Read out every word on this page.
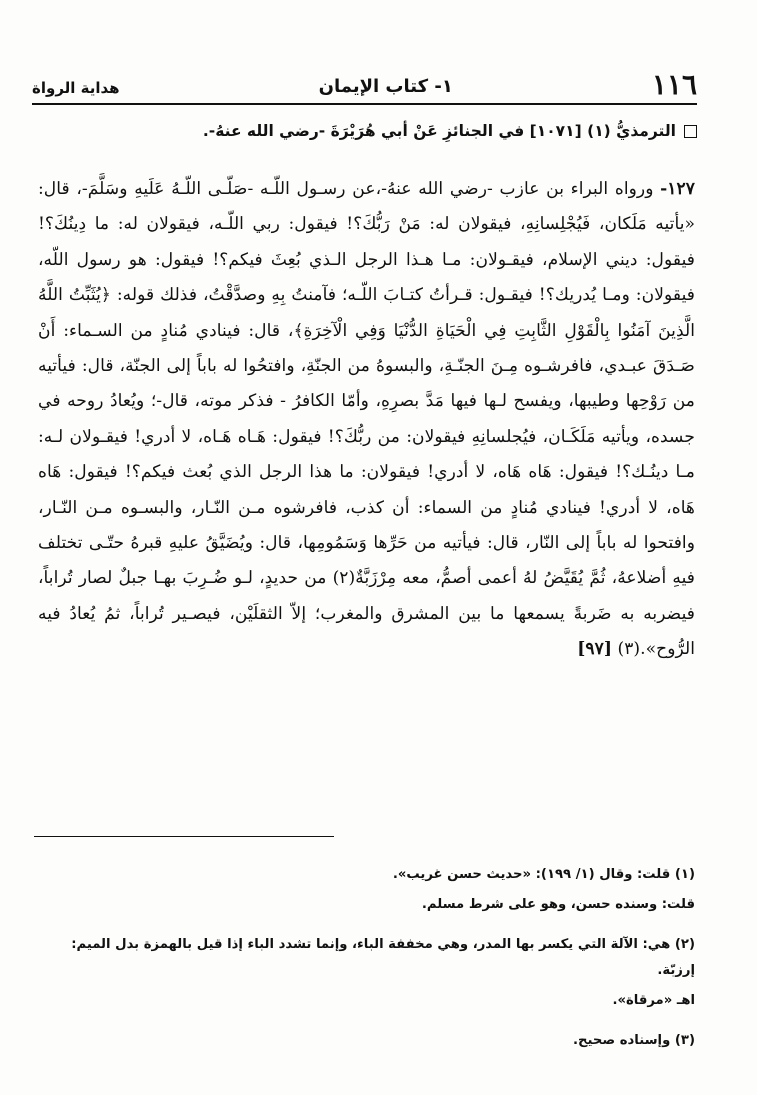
١١٦
١- كتاب الإيمان
هداية الرواة
الترمذيُّ (١) [١٠٧١] في الجنائزِ عَنْ أبي هُرَيْرَةَ -رضي الله عنهُ-.
١٢٧- ورواه البراء بن عازب -رضي الله عنهُ-،عن رسـول اللّـه -صَلّـى اللّـهُ عَلَيهِ وسَلَّمَ-، قال: «يأتيه مَلَكان، فَيُجْلِسانِهِ، فيقولان له: مَنْ رَبُّكَ؟! فيقول: ربي اللّـه، فيقولان له: ما دِينُكَ؟! فيقول: ديني الإسلام، فيقـولان: مـا هـذا الرجل الـذي بُعِثَ فيكم؟! فيقول: هو رسول اللّه، فيقولان: ومـا يُدريك؟! فيقـول: قـرأتُ كتـابَ اللّـه؛ فآمنتُ بِهِ وصدَّقْتُ، فذلك قوله: ﴿يُثَبِّتُ اللَّهُ الَّذِينَ آمَنُوا بِالْقَوْلِ الثَّابِتِ فِي الْحَيَاةِ الدُّنْيَا وَفِي الْآخِرَةِ﴾، قال: فينادي مُنادٍ من السـماء: أَنْ صَـدَقَ عبـدي، فافرشـوه مِـنَ الجنّـةِ، والبسوهُ من الجنّةِ، وافتحُوا له باباً إلى الجنّة، قال: فيأتيه من رَوْحِها وطيبها، ويفسح لـها فيها مَدَّ بصرِهِ، وأمّا الكافرُ - فذكر موته، قال-؛ ويُعادُ روحه في جسده، ويأتيه مَلَكَـان، فيُجلسانِهِ فيقولان: من ربُّكَ؟! فيقول: هَـاه هَـاه، لا أدري! فيقـولان لـه: مـا دينُـك؟! فيقول: هَاه هَاه، لا أدري! فيقولان: ما هذا الرجل الذي بُعث فيكم؟! فيقول: هَاه هَاه، لا أدري! فينادي مُنادٍ من السماء: أن كذب، فافرشوه مـن النّـار، والبسـوه مـن النّـار، وافتحوا له باباً إلى النّار، قال: فيأتيه من حَرِّها وَسَمُومِها، قال: ويُضَيَّقُ عليهِ قبرهُ حتّـى تختلف فيهِ أضلاعهُ، ثُمَّ يُقَيَّضُ لهُ أعمى أصمُّ، معه مِرْزَبَّةٌ(٢) من حديدٍ، لـو ضُـرِبَ بهـا جبلٌ لصار تُراباً، فيضربه به ضَربةً يسمعها ما بين المشرق والمغرب؛ إلاّ الثقلَيْن، فيصـير تُراباً، ثمُ يُعادُ فيه الرُّوح».(٣) [٩٧]
(١) قلت: وقال (١/ ١٩٩): «حديث حسن غريب».
قلت: وسنده حسن، وهو على شرط مسلم.
(٢) هي: الآلة التي يكسر بها المدر، وهي مخففة الباء، وإنما تشدد الباء إذا قيل بالهمزة بدل الميم: إرزبّة.
اهـ «مرقاة».
(٣) وإسناده صحيح.
